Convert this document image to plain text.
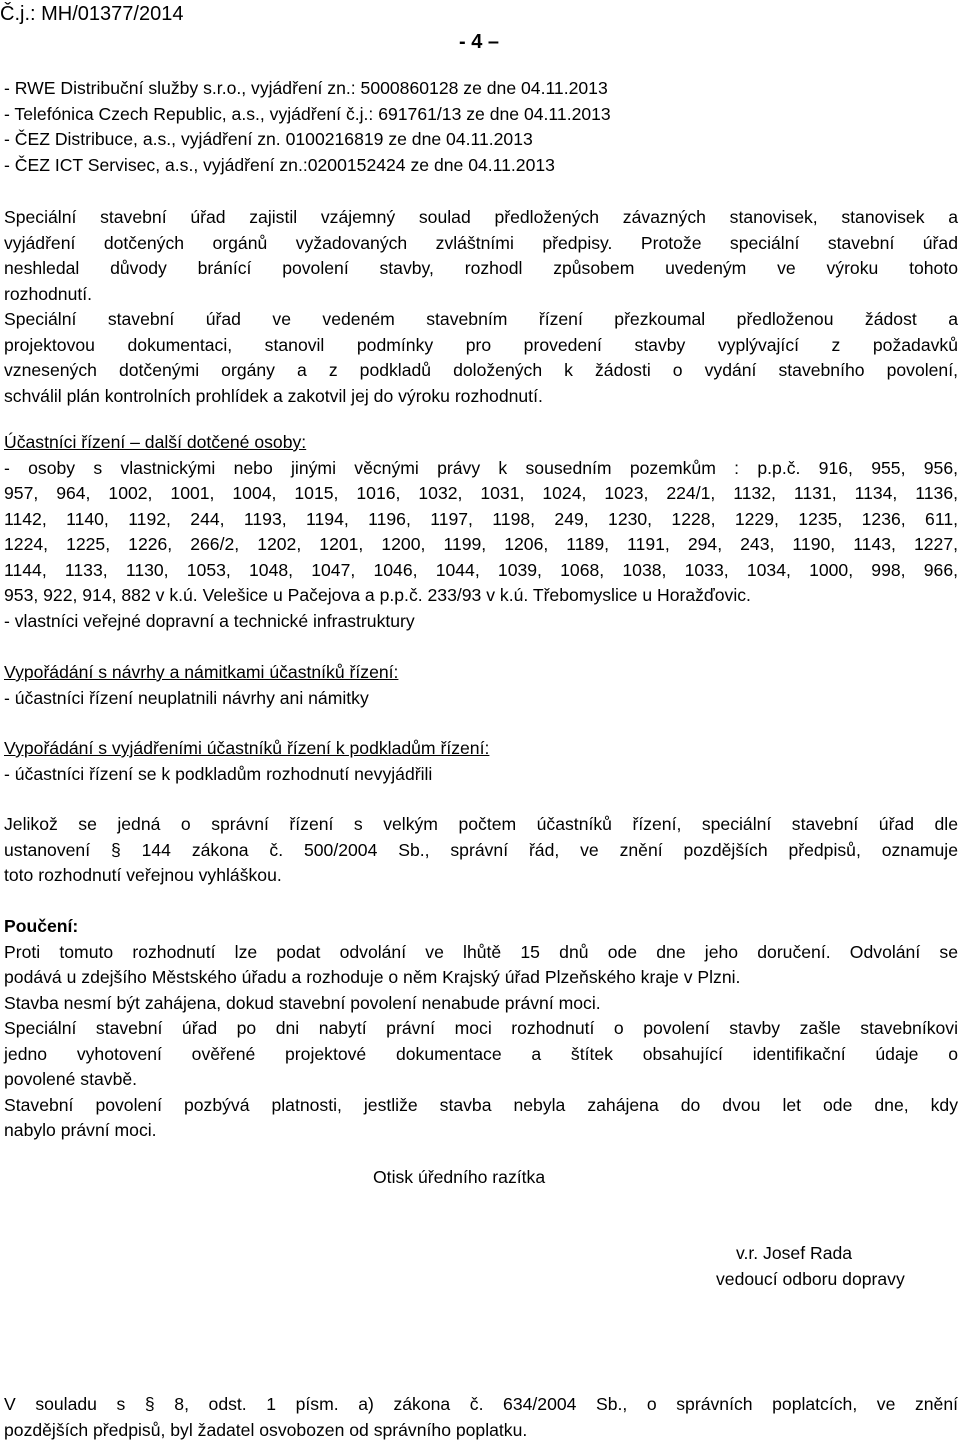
Č.j.: MH/01377/2014
- 4 –
- RWE Distribuční služby s.r.o., vyjádření zn.: 5000860128 ze dne 04.11.2013
- Telefónica Czech Republic, a.s., vyjádření č.j.: 691761/13 ze dne 04.11.2013
- ČEZ Distribuce, a.s., vyjádření zn. 0100216819 ze dne 04.11.2013
- ČEZ ICT Servisec, a.s., vyjádření zn.:0200152424 ze dne 04.11.2013
Speciální stavební úřad zajistil vzájemný soulad předložených závazných stanovisek, stanovisek a
vyjádření dotčených orgánů vyžadovaných zvláštními předpisy. Protože speciální stavební úřad
neshledal důvody bránící povolení stavby, rozhodl způsobem uvedeným ve výroku tohoto
rozhodnutí.
Speciální stavební úřad ve vedeném stavebním řízení přezkoumal předloženou žádost a
projektovou dokumentaci, stanovil podmínky pro provedení stavby vyplývající z požadavků
vznesených dotčenými orgány a z podkladů doložených k žádosti o vydání stavebního povolení,
schválil plán kontrolních prohlídek a zakotvil jej do výroku rozhodnutí.
Účastníci řízení – další dotčené osoby:
- osoby s vlastnickými nebo jinými věcnými právy k sousedním pozemkům : p.p.č. 916, 955, 956,
957, 964, 1002, 1001, 1004, 1015, 1016, 1032, 1031, 1024, 1023, 224/1, 1132, 1131, 1134, 1136,
1142, 1140, 1192, 244, 1193, 1194, 1196, 1197, 1198, 249, 1230, 1228, 1229, 1235, 1236, 611,
1224, 1225, 1226, 266/2, 1202, 1201, 1200, 1199, 1206, 1189, 1191, 294, 243, 1190, 1143, 1227,
1144, 1133, 1130, 1053, 1048, 1047, 1046, 1044, 1039, 1068, 1038, 1033, 1034, 1000, 998, 966,
953, 922, 914, 882 v k.ú. Velešice u Pačejova a p.p.č. 233/93 v k.ú. Třebomyslice u Horažďovic.
- vlastníci veřejné dopravní a technické infrastruktury
Vypořádání s návrhy a námitkami účastníků řízení:
- účastníci řízení neuplatnili návrhy ani námitky
Vypořádání s vyjádřeními účastníků řízení k podkladům řízení:
- účastníci řízení se k podkladům rozhodnutí nevyjádřili
Jelikož se jedná o správní řízení s velkým počtem účastníků řízení, speciální stavební úřad dle
ustanovení § 144 zákona č. 500/2004 Sb., správní řád, ve znění pozdějších předpisů, oznamuje
toto rozhodnutí veřejnou vyhláškou.
Poučení:
Proti tomuto rozhodnutí lze podat odvolání ve lhůtě 15 dnů ode dne jeho doručení. Odvolání se
podává u zdejšího Městského úřadu a rozhoduje o něm Krajský úřad Plzeňského kraje v Plzni.
Stavba nesmí být zahájena, dokud stavební povolení nenabude právní moci.
Speciální stavební úřad po dni nabytí právní moci rozhodnutí o povolení stavby zašle stavebníkovi
jedno vyhotovení ověřené projektové dokumentace a štítek obsahující identifikační údaje o
povolené stavbě.
Stavební povolení pozbývá platnosti, jestliže stavba nebyla zahájena do dvou let ode dne, kdy
nabylo právní moci.
Otisk úředního razítka
v.r. Josef Rada
vedoucí odboru dopravy
V souladu s § 8, odst. 1 písm. a) zákona č. 634/2004 Sb., o správních poplatcích, ve znění
pozdějších předpisů, byl žadatel osvobozen od správního poplatku.
